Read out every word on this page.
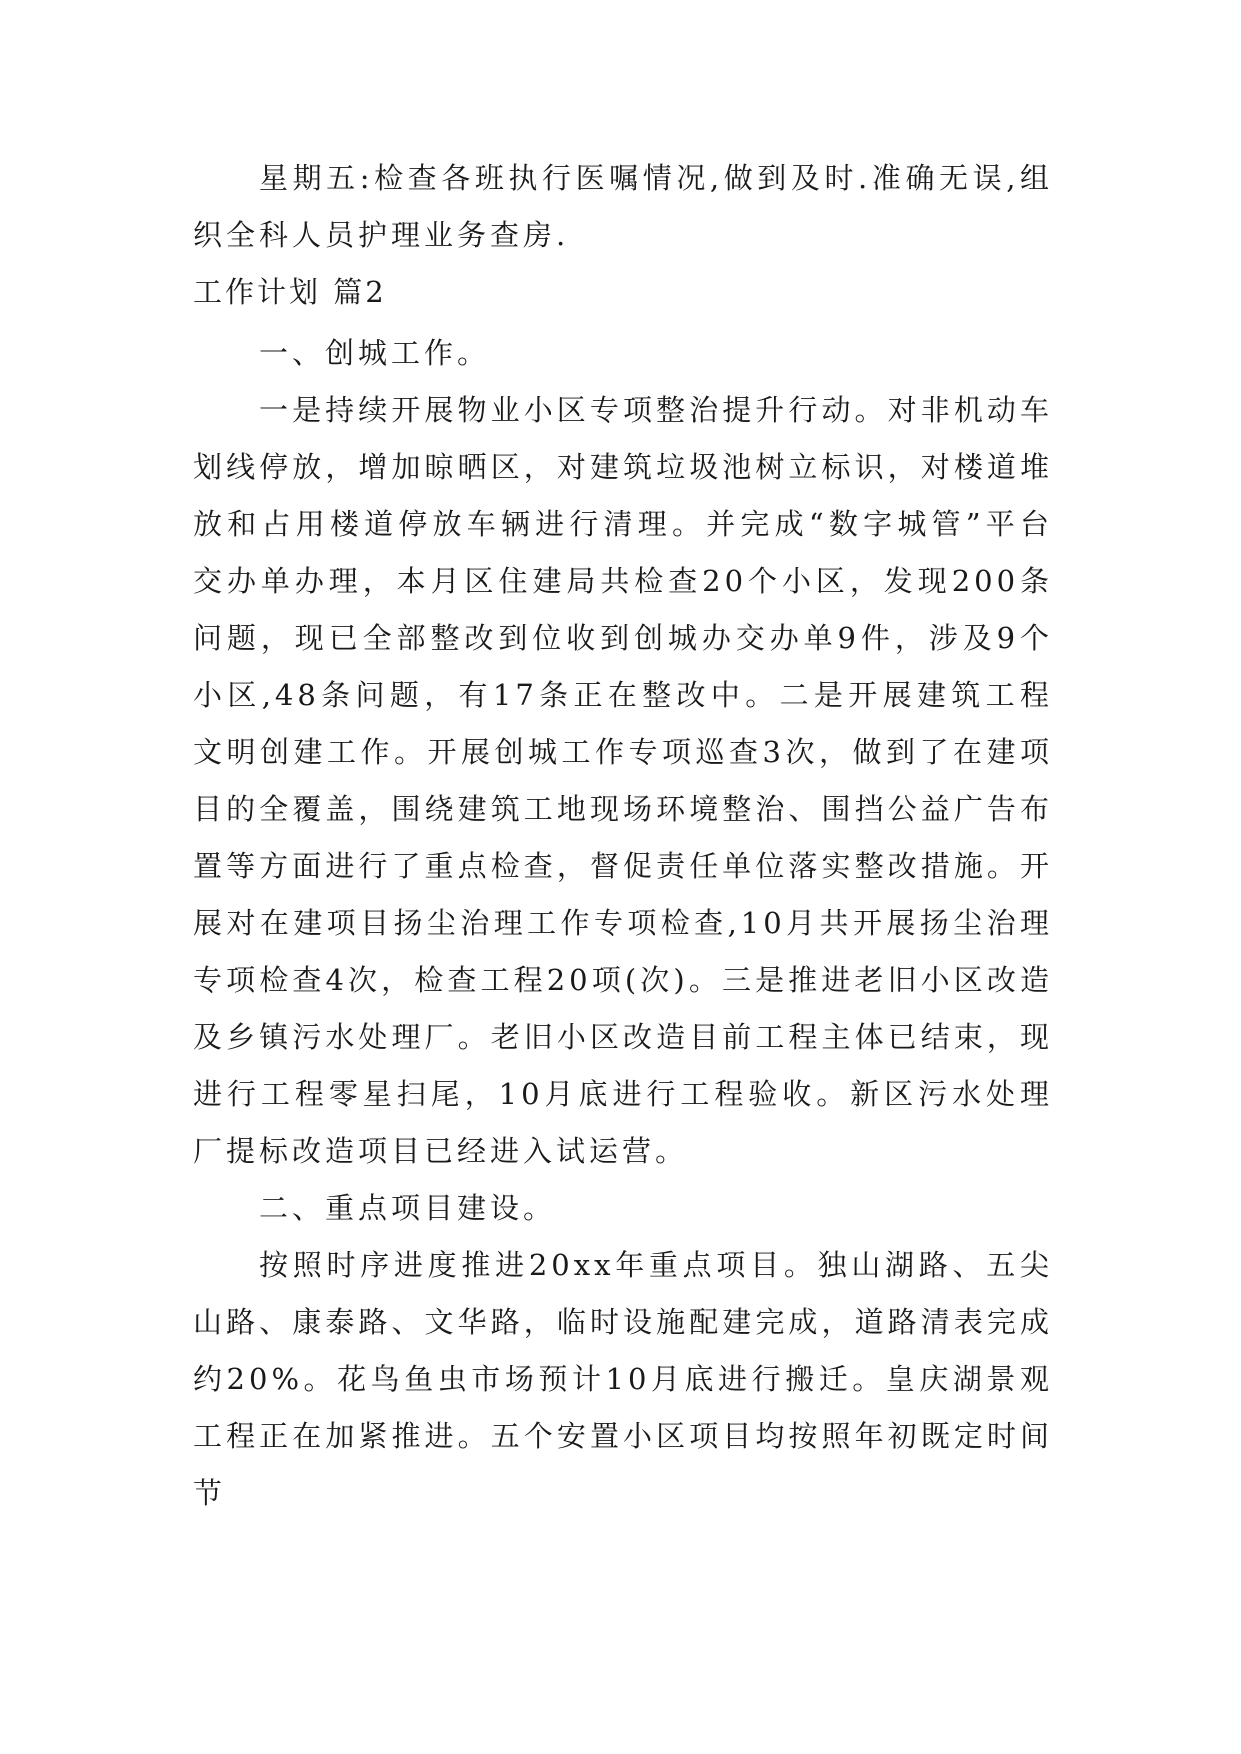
星期五:检查各班执行医嘱情况,做到及时.准确无误,组织全科人员护理业务查房.

工作计划 篇2

一、创城工作。

一是持续开展物业小区专项整治提升行动。对非机动车划线停放，增加晾晒区，对建筑垃圾池树立标识，对楼道堆放和占用楼道停放车辆进行清理。并完成“数字城管”平台交办单办理，本月区住建局共检查20个小区，发现200条问题，现已全部整改到位收到创城办交办单9件，涉及9个小区,48条问题，有17条正在整改中。二是开展建筑工程文明创建工作。开展创城工作专项巡查3次，做到了在建项目的全覆盖，围绕建筑工地现场环境整治、围挡公益广告布置等方面进行了重点检查，督促责任单位落实整改措施。开展对在建项目扬尘治理工作专项检查,10月共开展扬尘治理专项检查4次，检查工程20项(次)。三是推进老旧小区改造及乡镇污水处理厂。老旧小区改造目前工程主体已结束，现进行工程零星扫尾，10月底进行工程验收。新区污水处理厂提标改造项目已经进入试运营。

二、重点项目建设。

按照时序进度推进20xx年重点项目。独山湖路、五尖山路、康泰路、文华路，临时设施配建完成，道路清表完成约20%。花鸟鱼虫市场预计10月底进行搬迁。皇庆湖景观工程正在加紧推进。五个安置小区项目均按照年初既定时间节
